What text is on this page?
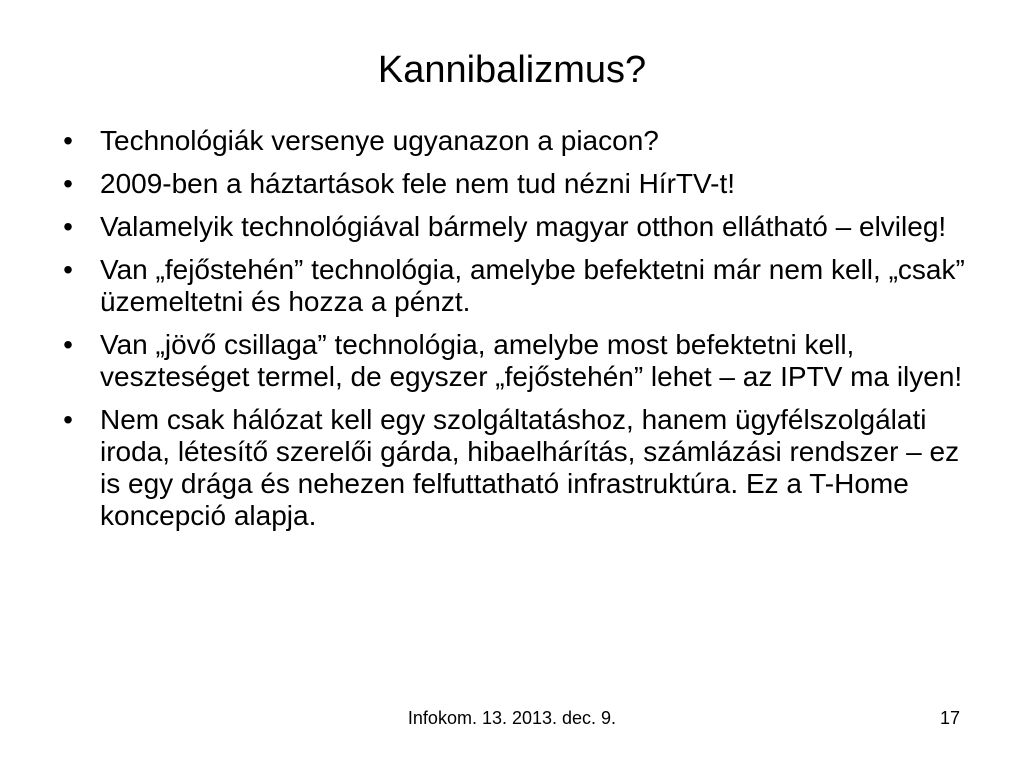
Kannibalizmus?
• Technológiák versenye ugyanazon a piacon?
• 2009-ben a háztartások fele nem tud nézni HírTV-t!
• Valamelyik technológiával bármely magyar otthon ellátható – elvileg!
• Van „fejőstehén” technológia, amelybe befektetni már nem kell, „csak” üzemeltetni és hozza a pénzt.
• Van „jövő csillaga” technológia, amelybe most befektetni kell, veszteséget termel, de egyszer „fejőstehén” lehet – az IPTV ma ilyen!
• Nem csak hálózat kell egy szolgáltatáshoz, hanem ügyfélszolgálati iroda, létesítő szerelői gárda, hibaelhárítás, számlázási rendszer – ez is egy drága és nehezen felfuttatható infrastruktúra. Ez a T-Home koncepció alapja.
Infokom. 13. 2013. dec. 9.	17
